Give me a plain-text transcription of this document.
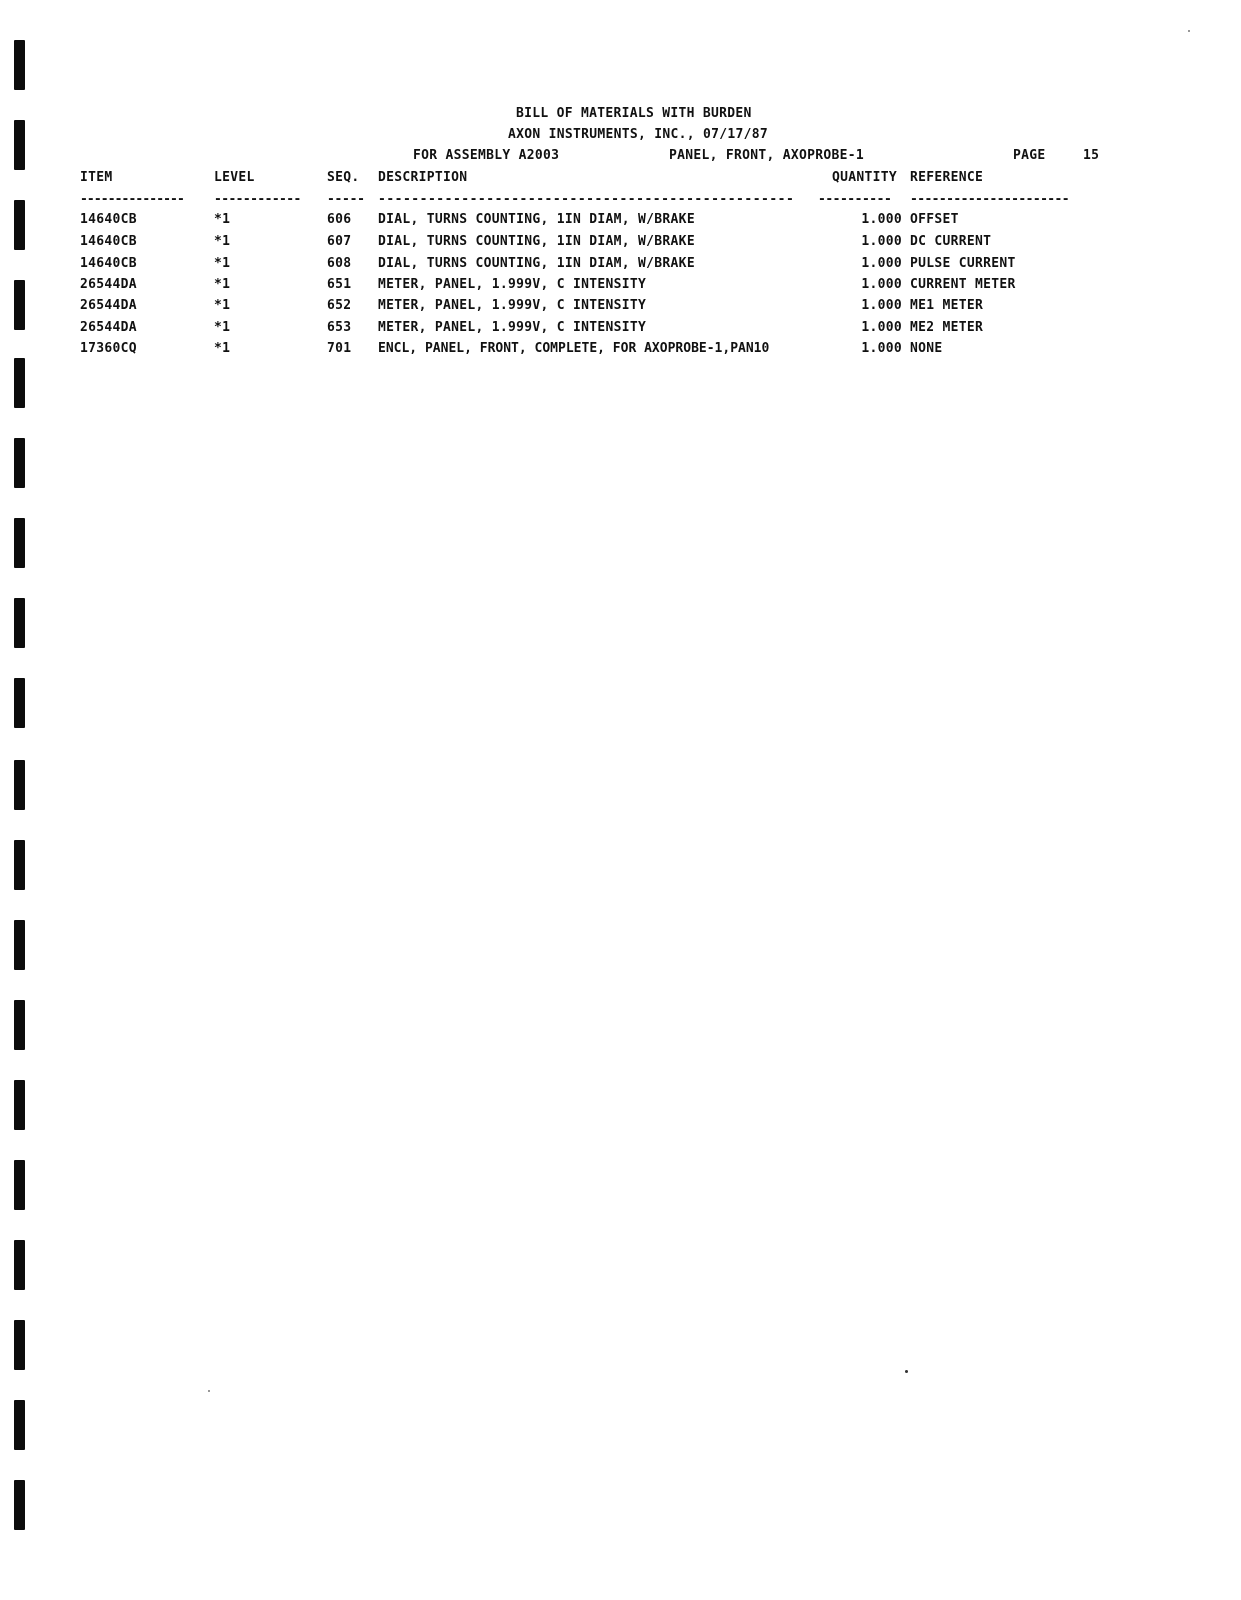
BILL OF MATERIALS WITH BURDEN
AXON INSTRUMENTS, INC., 07/17/87
FOR ASSEMBLY A2003	PANEL, FRONT, AXOPROBE-1	PAGE	15
ITEM	LEVEL	SEQ. DESCRIPTION	QUANTITY REFERENCE
--------------- ------------ ----- -------------------------------------------------- ---------- ----------------------
14640CB	*1	606 DIAL, TURNS COUNTING, 1IN DIAM, W/BRAKE	1.000 OFFSET
14640CB	*1	607 DIAL, TURNS COUNTING, 1IN DIAM, W/BRAKE	1.000 DC CURRENT
14640CB	*1	608 DIAL, TURNS COUNTING, 1IN DIAM, W/BRAKE	1.000 PULSE CURRENT
26544DA	*1	651 METER, PANEL, 1.999V, C INTENSITY	1.000 CURRENT METER
26544DA	*1	652 METER, PANEL, 1.999V, C INTENSITY	1.000 ME1 METER
26544DA	*1	653 METER, PANEL, 1.999V, C INTENSITY	1.000 ME2 METER
17360CQ	*1	701 ENCL, PANEL, FRONT, COMPLETE, FOR AXOPROBE-1,PAN10	1.000 NONE
